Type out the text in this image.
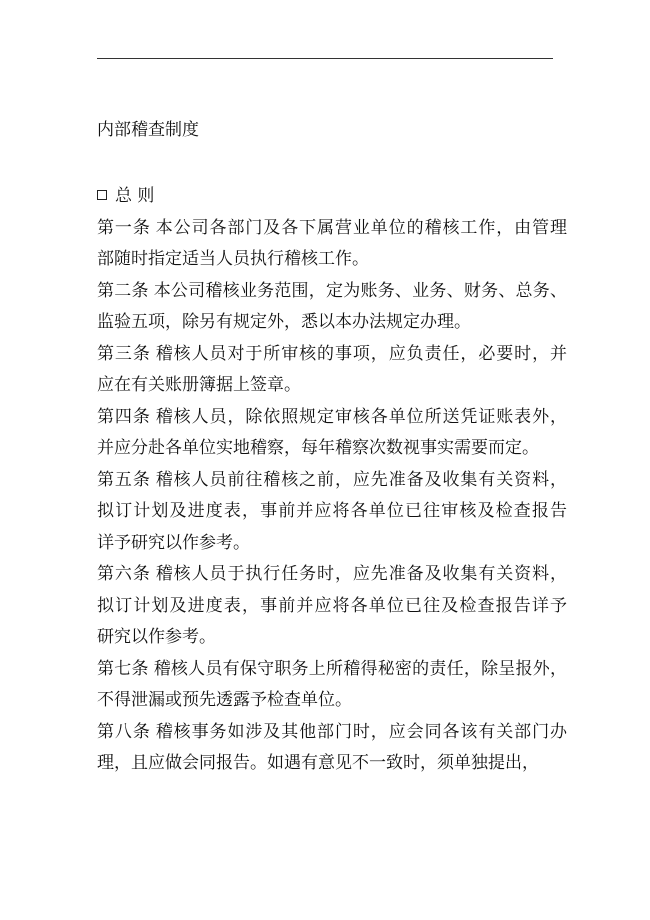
内部稽查制度

总 则

第一条 本公司各部门及各下属营业单位的稽核工作，由管理
部随时指定适当人员执行稽核工作。

第二条 本公司稽核业务范围，定为账务、业务、财务、总务、
监验五项，除另有规定外，悉以本办法规定办理。

第三条 稽核人员对于所审核的事项，应负责任，必要时，并
应在有关账册簿据上签章。

第四条 稽核人员，除依照规定审核各单位所送凭证账表外，
并应分赴各单位实地稽察，每年稽察次数视事实需要而定。

第五条 稽核人员前往稽核之前，应先准备及收集有关资料，
拟订计划及进度表，事前并应将各单位已往审核及检查报告
详予研究以作参考。

第六条 稽核人员于执行任务时，应先准备及收集有关资料，
拟订计划及进度表，事前并应将各单位已往及检查报告详予
研究以作参考。

第七条 稽核人员有保守职务上所稽得秘密的责任，除呈报外，
不得泄漏或预先透露予检查单位。

第八条 稽核事务如涉及其他部门时，应会同各该有关部门办
理，且应做会同报告。如遇有意见不一致时，须单独提出，
